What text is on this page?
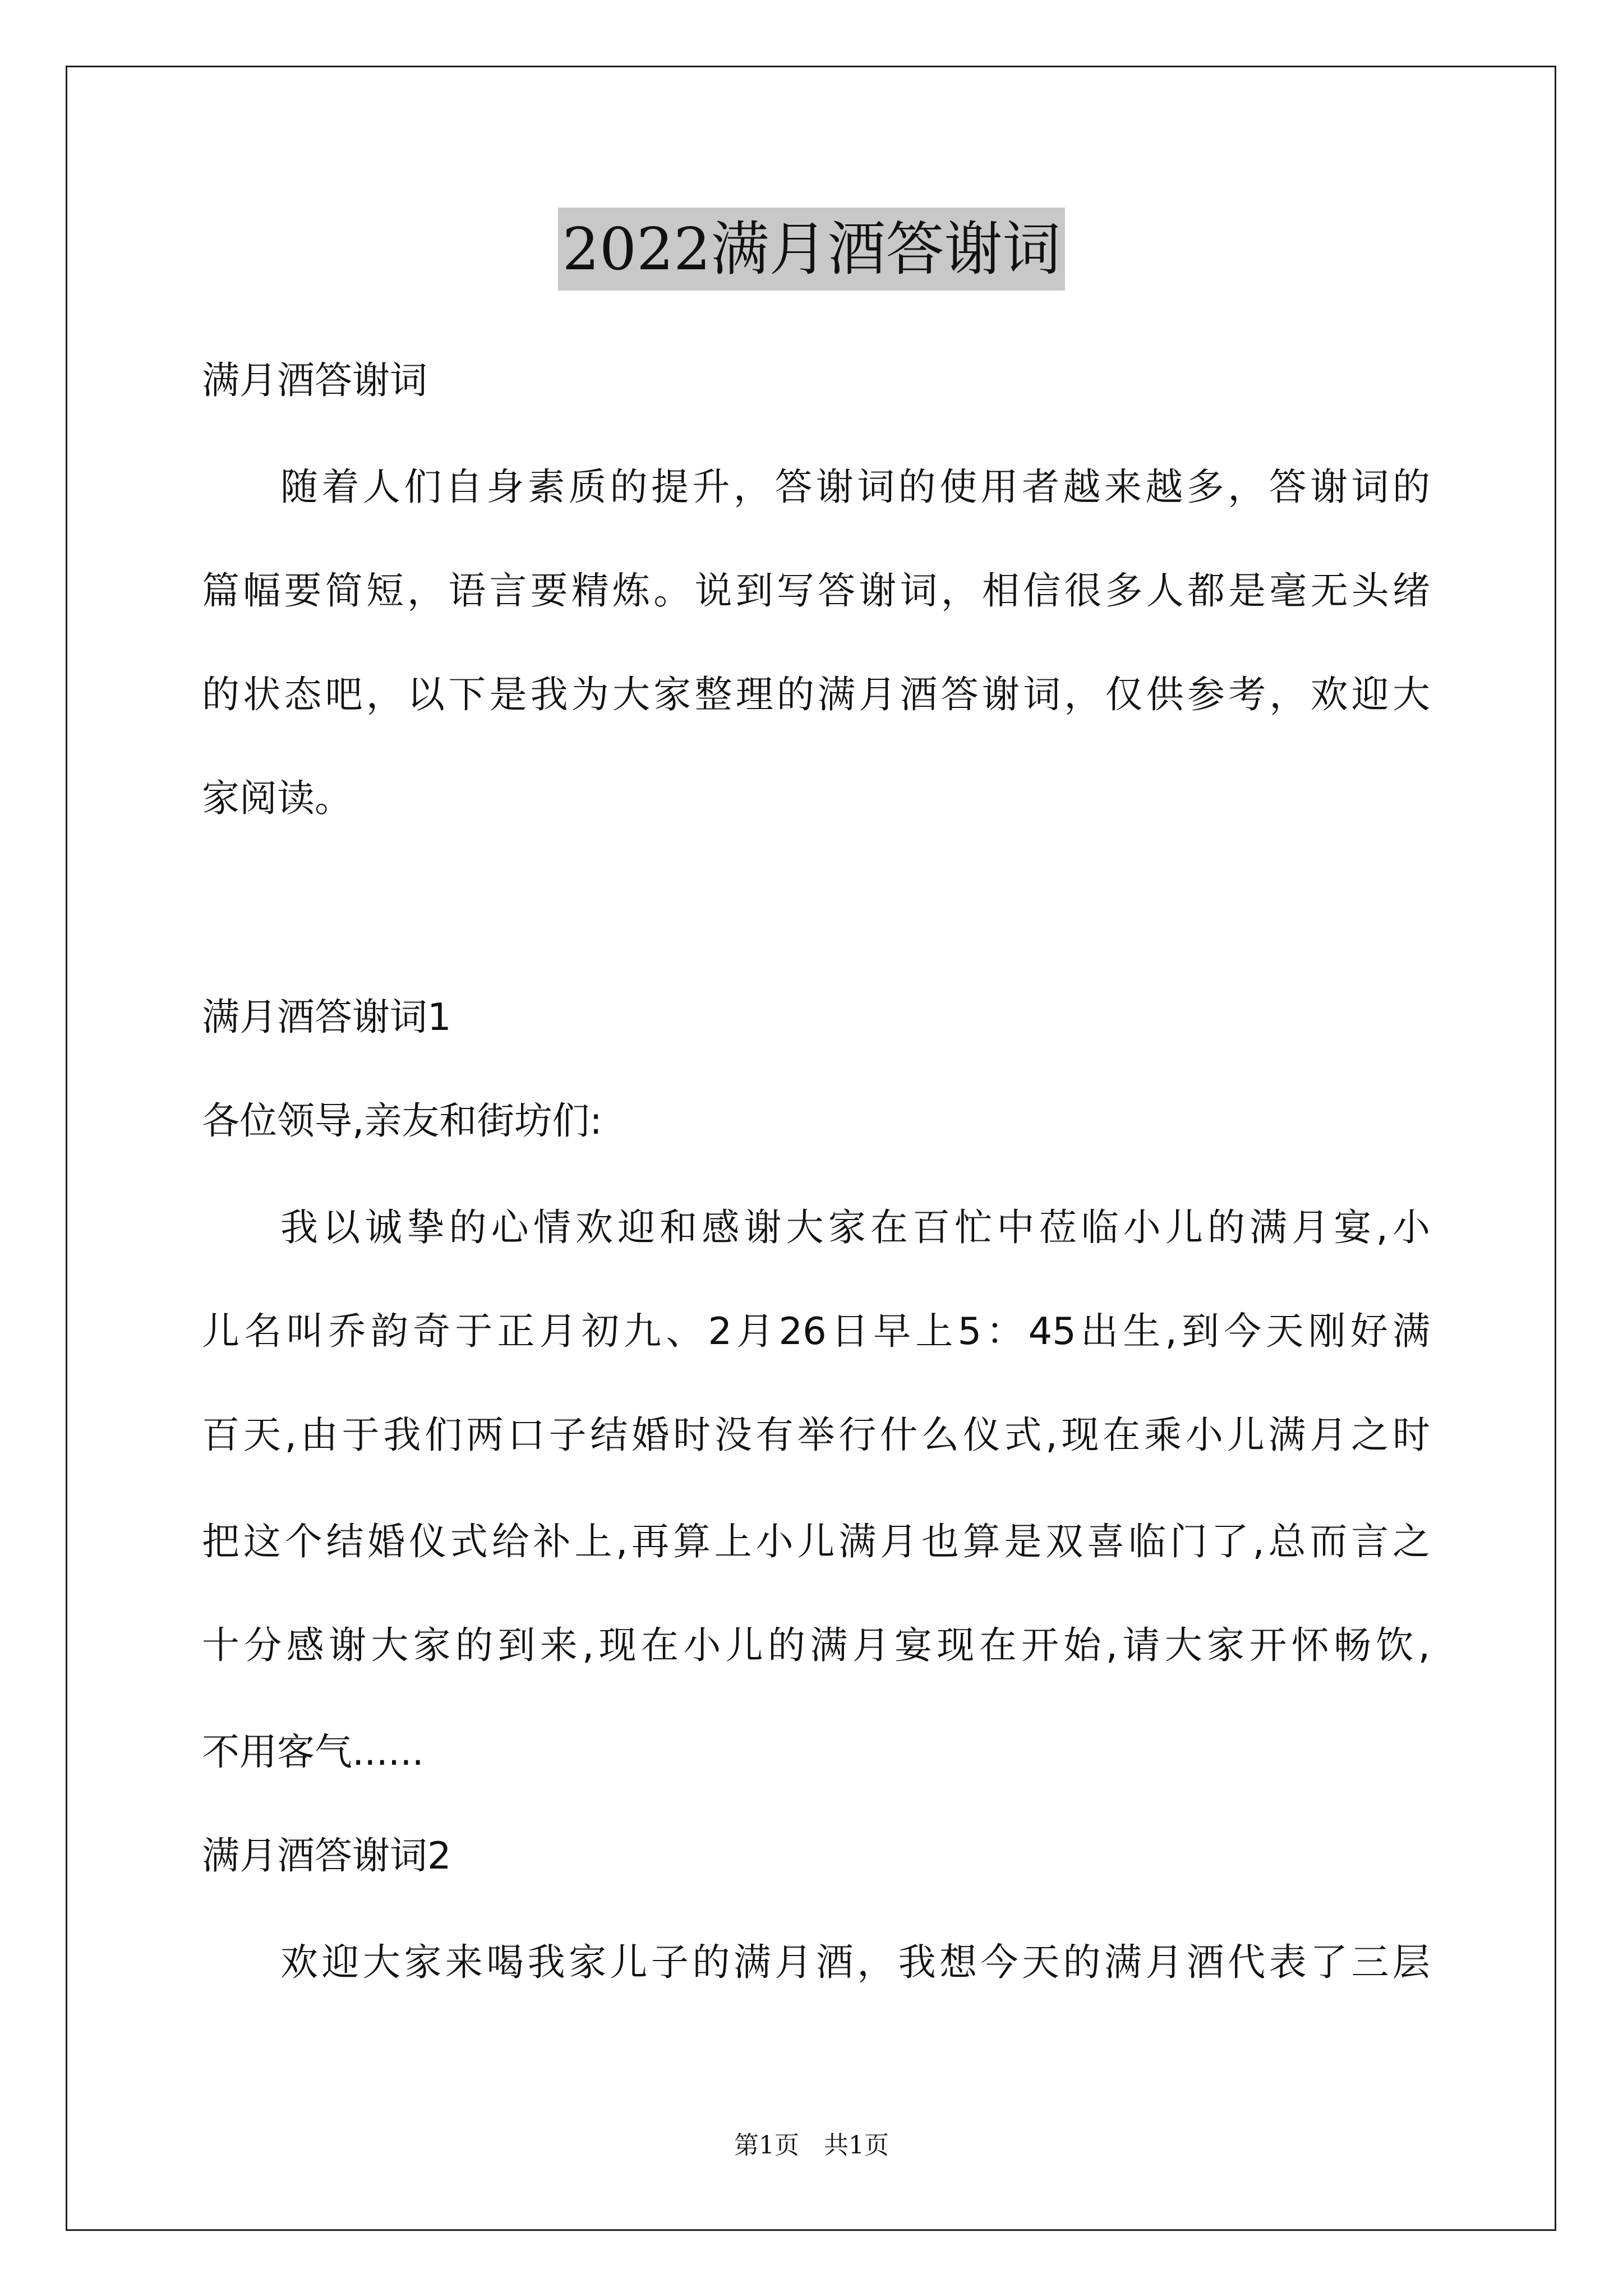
2022满月酒答谢词
满月酒答谢词
随着人们自身素质的提升，答谢词的使用者越来越多，答谢词的
篇幅要简短，语言要精炼。说到写答谢词，相信很多人都是毫无头绪
的状态吧，以下是我为大家整理的满月酒答谢词，仅供参考，欢迎大
家阅读。
满月酒答谢词1
各位领导,亲友和街坊们:
我以诚挚的心情欢迎和感谢大家在百忙中莅临小儿的满月宴,小
儿名叫乔韵奇于正月初九、2月26日早上5：45出生,到今天刚好满
百天,由于我们两口子结婚时没有举行什么仪式,现在乘小儿满月之时
把这个结婚仪式给补上,再算上小儿满月也算是双喜临门了,总而言之
十分感谢大家的到来,现在小儿的满月宴现在开始,请大家开怀畅饮,
不用客气......
满月酒答谢词2
欢迎大家来喝我家儿子的满月酒，我想今天的满月酒代表了三层
第1页　共1页
